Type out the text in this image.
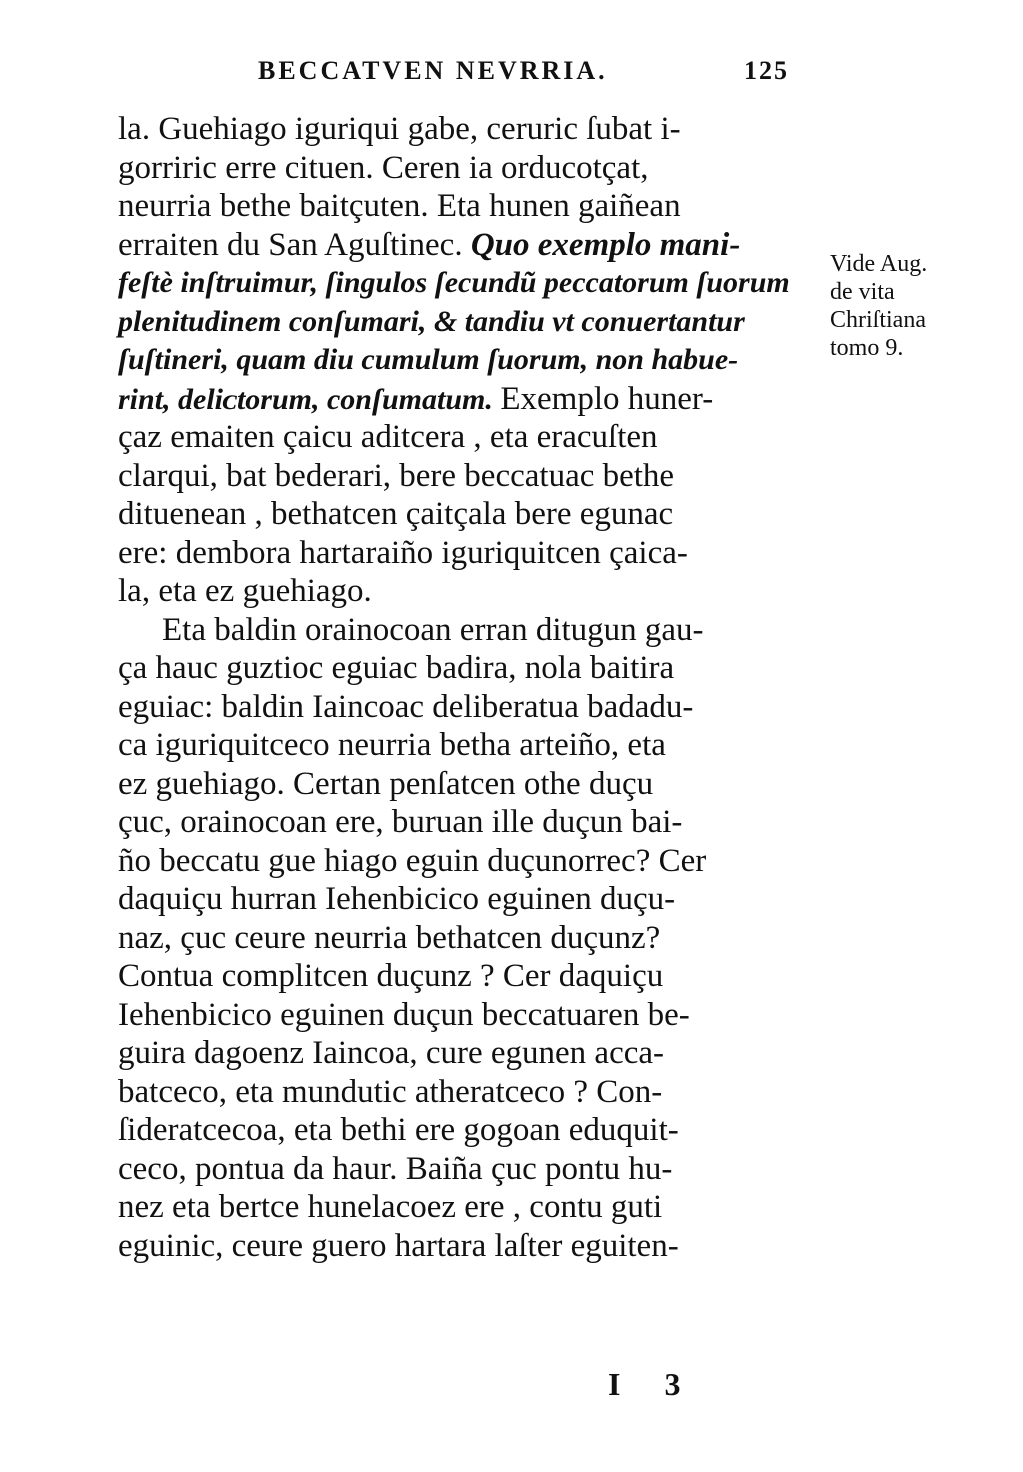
BECCATVEN NEVRRIA.	125
la. Guehiago iguriqui gabe, ceruric ſubat i-
gorriric erre cituen. Ceren ia orducotçat,
neurria bethe baitçuten. Eta hunen gaiñean
erraiten du San Aguſtinec. Quo exemplo mani-
feſtè inſtruimur, ſingulos ſecundũ peccatorum ſuorum
plenitudinem conſumari, & tandiu vt conuertantur
ſuſtineri, quam diu cumulum ſuorum, non habue-
rint, deliᴄtorum, conſumatum. Exemplo huner-
çaz emaiten çaicu aditcera , eta eracuſten
clarqui, bat bederari, bere beccatuac bethe
dituenean , bethatcen çaitçala bere egunac
ere: dembora hartaraiño iguriquitcen çaica-
la, eta ez guehiago.
Eta baldin orainocoan erran ditugun gau-
ça hauc guztioc eguiac badira, nola baitira
eguiac: baldin Iaincoac deliberatua badadu-
ca iguriquitceco neurria betha arteiño, eta
ez guehiago. Certan penſatcen othe duçu
çuc, orainocoan ere, buruan ille duçun bai-
ño beccatu gue hiago eguin duçunorrec? Cer
daquiçu hurran Iehenbicico eguinen duçu-
naz, çuc ceure neurria bethatcen duçunz?
Contua complitcen duçunz ? Cer daquiçu
Iehenbicico eguinen duçun beccatuaren be-
guira dagoenz Iaincoa, cure egunen acca-
batceco, eta mundutic atheratceco ? Con-
ſideratcecoa, eta bethi ere gogoan eduquit-
ceco, pontua da haur. Baiña çuc pontu hu-
nez eta bertce hunelacoez ere , contu guti
eguinic, ceure guero hartara laſter eguiten-
Vide Aug.
de vita
Chriſtiana
tomo 9.
I 3
